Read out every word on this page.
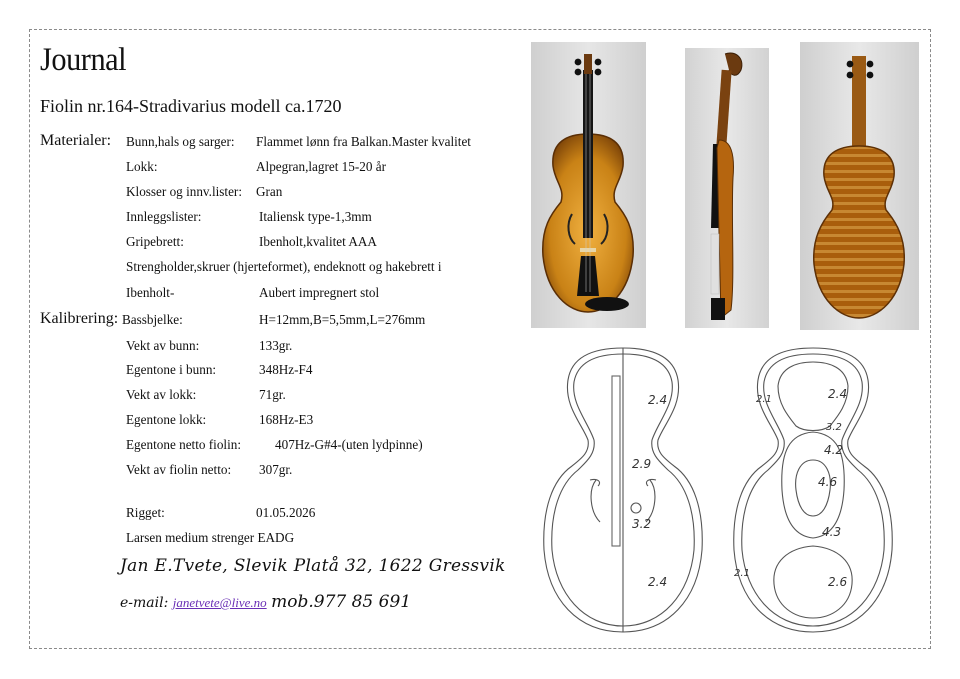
Journal
Fiolin nr.164-Stradivarius modell ca.1720
Materialer: Bunn,hals og sarger: Flammet lønn fra Balkan.Master kvalitet
Lokk:	Alpegran,lagret 15-20 år
Klosser og innv.lister: Gran
Innleggslister:	Italiensk type-1,3mm
Gripebrett:	Ibenholt,kvalitet AAA
Strengholder,skruer (hjerteformet), endeknott og hakebrett i
Ibenholt-	Aubert impregnert stol
Kalibrering: Bassbjelke:	H=12mm,B=5,5mm,L=276mm
Vekt av bunn:	133gr.
Egentone i bunn:	348Hz-F4
Vekt av lokk:	71gr.
Egentone lokk:	168Hz-E3
Egentone netto fiolin:	407Hz-G#4-(uten lydpinne)
Vekt av fiolin netto: 307gr.
Rigget:	01.05.2026
Larsen medium strenger EADG
Jan E.Tvete, Slevik Platå 32, 1622 Gressvik
e-mail: janetvete@live.no mob.977 85 691
2.4
2.9
3.2
2.4
2.4
3.2
4.2
4.6
4.3
2.6
2.1
2.1
